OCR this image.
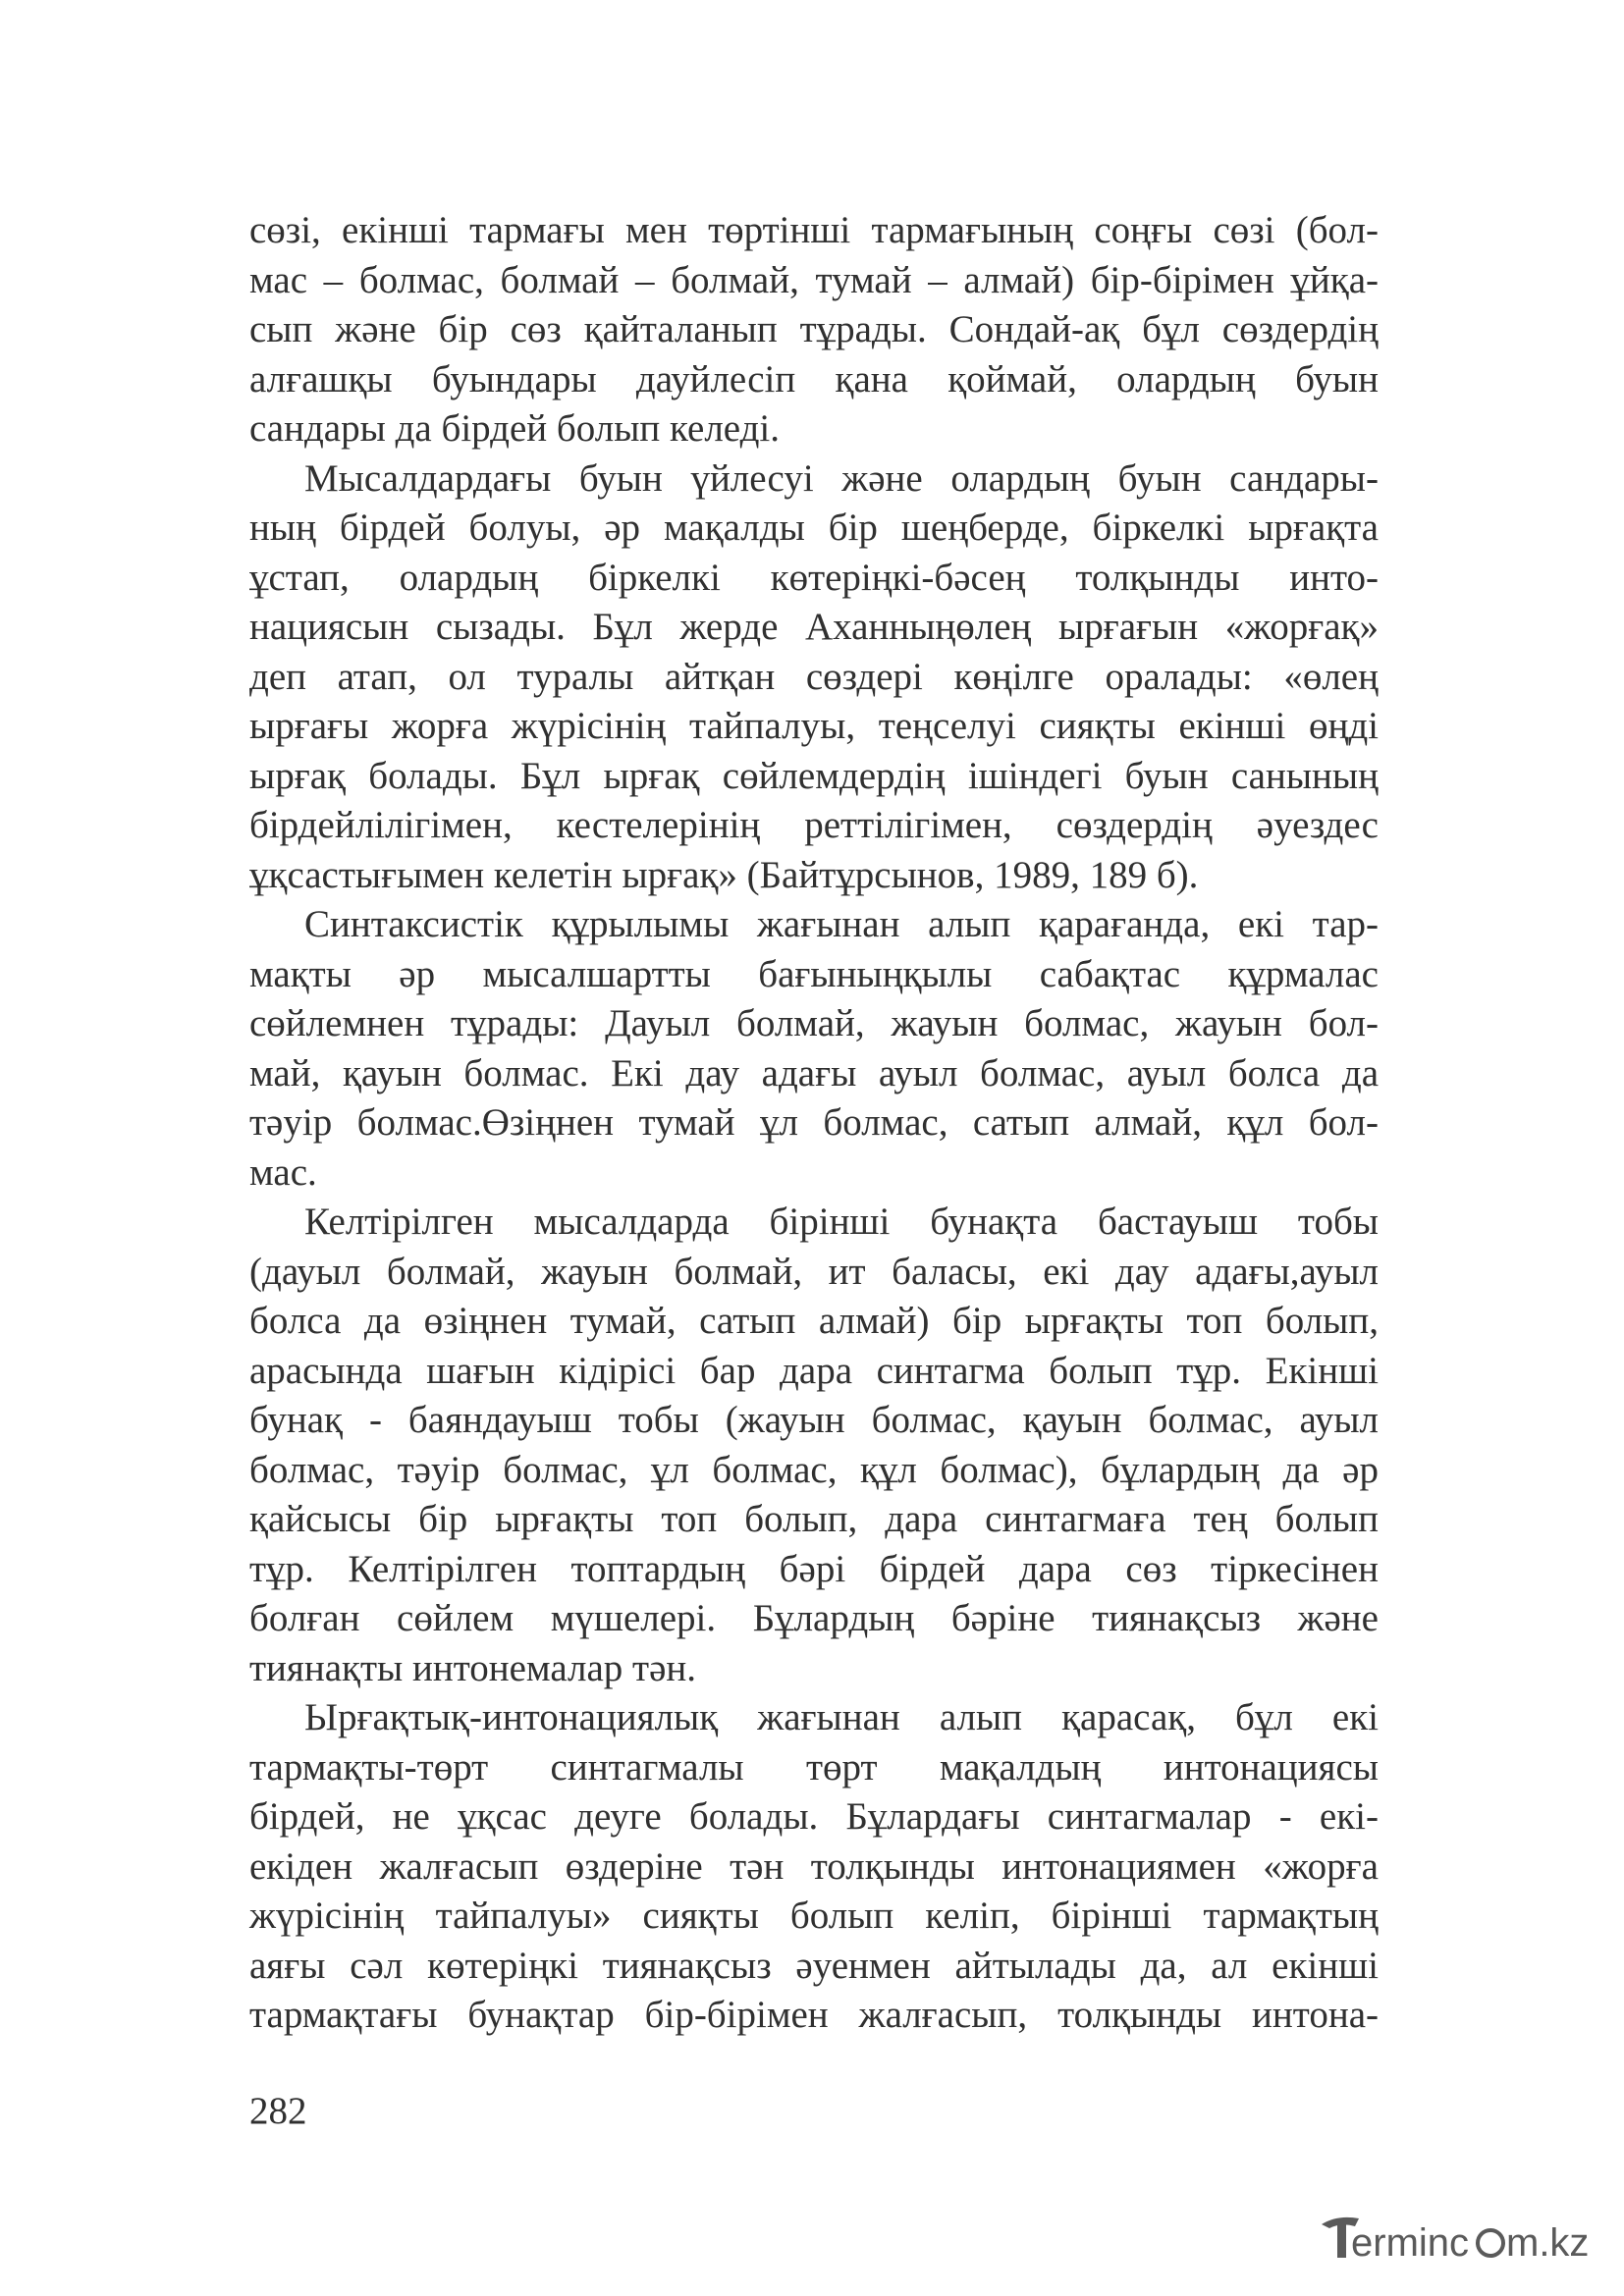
сөзі, екінші тармағы мен төртінші тармағының соңғы сөзі (бол-
мас – болмас, болмай – болмай, тумай – алмай) бір-бірімен ұйқа-
сып және бір сөз қайталанып тұрады. Сондай-ақ бұл сөздердің
алғашқы буындары дауйлесіп қана қоймай, олардың буын
сандары да бірдей болып келеді.
Мысалдардағы буын үйлесуі және олардың буын сандары-
ның бірдей болуы, әр мақалды бір шеңберде, біркелкі ырғақта
ұстап, олардың біркелкі көтеріңкі-бәсең толқынды инто-
нациясын сызады. Бұл жерде Аханныңөлең ырғағын «жорғақ»
деп атап, ол туралы айтқан сөздері көңілге оралады: «өлең
ырғағы жорға жүрісінің тайпалуы, теңселуі сияқты екінші өңді
ырғақ болады. Бұл ырғақ сөйлемдердің ішіндегі буын санының
бірдейлілігімен, кестелерінің реттілігімен, сөздердің әуездес
ұқсастығымен келетін ырғақ» (Байтұрсынов, 1989, 189 б).
Синтаксистік құрылымы жағынан алып қарағанда, екі тар-
мақты әр мысалшартты бағыныңқылы сабақтас құрмалас
сөйлемнен тұрады: Дауыл болмай, жауын болмас, жауын бол-
май, қауын болмас. Екі дау адағы ауыл болмас, ауыл болса да
тәуір болмас.Өзіңнен тумай ұл болмас, сатып алмай, құл бол-
мас.
Келтірілген мысалдарда бірінші бунақта бастауыш тобы
(дауыл болмай, жауын болмай, ит баласы, екі дау адағы,ауыл
болса да өзіңнен тумай, сатып алмай) бір ырғақты топ болып,
арасында шағын кідірісі бар дара синтагма болып тұр. Екінші
бунақ - баяндауыш тобы (жауын болмас, қауын болмас, ауыл
болмас, тәуір болмас, ұл болмас, құл болмас), бұлардың да әр
қайсысы бір ырғақты топ болып, дара синтагмаға тең болып
тұр. Келтірілген топтардың бәрі бірдей дара сөз тіркесінен
болған сөйлем мүшелері. Бұлардың бәріне тиянақсыз және
тиянақты интонемалар тән.
Ырғақтық-интонациялық жағынан алып қарасақ, бұл екі
тармақты-төрт синтагмалы төрт мақалдың интонациясы
бірдей, не ұқсас деуге болады. Бұлардағы синтагмалар - екі-
екіден жалғасып өздеріне тән толқынды интонациямен «жорға
жүрісінің тайпалуы» сияқты болып келіп, бірінші тармақтың
аяғы сәл көтеріңкі тиянақсыз әуенмен айтылады да, ал екінші
тармақтағы бунақтар бір-бірімен жалғасып, толқынды интона-
282
erminc m.kz
